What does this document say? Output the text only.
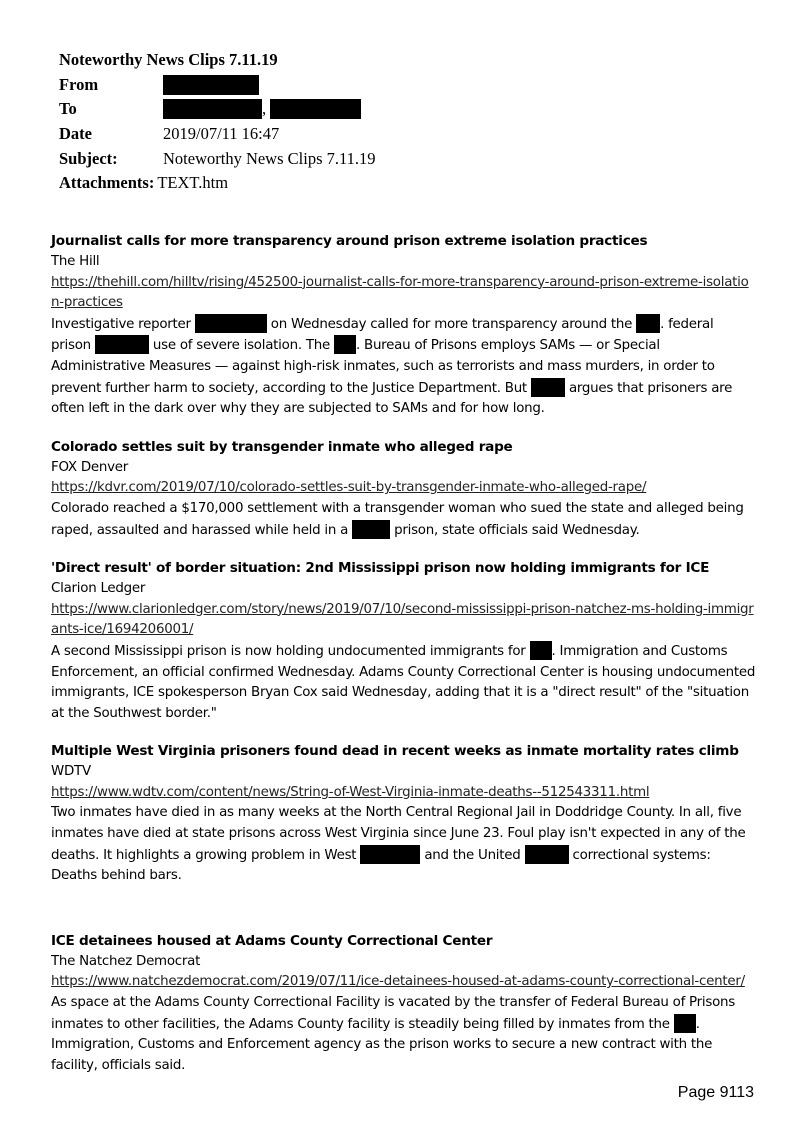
Noteworthy News Clips 7.11.19
From
To	,
Date	2019/07/11 16:47
Subject:	Noteworthy News Clips 7.11.19
Attachments: TEXT.htm
Journalist calls for more transparency around prison extreme isolation practices
The Hill
https://thehill.com/hilltv/rising/452500-journalist-calls-for-more-transparency-around-prison-extreme-isolation-practices
Investigative reporter	on Wednesday called for more transparency around the . federal prison	use of severe isolation. The . Bureau of Prisons employs SAMs — or Special Administrative Measures — against high-risk inmates, such as terrorists and mass murders, in order to prevent further harm to society, according to the Justice Department. But	argues that prisoners are often left in the dark over why they are subjected to SAMs and for how long.
Colorado settles suit by transgender inmate who alleged rape
FOX Denver
https://kdvr.com/2019/07/10/colorado-settles-suit-by-transgender-inmate-who-alleged-rape/
Colorado reached a $170,000 settlement with a transgender woman who sued the state and alleged being raped, assaulted and harassed while held in a	prison, state officials said Wednesday.
'Direct result' of border situation: 2nd Mississippi prison now holding immigrants for ICE
Clarion Ledger
https://www.clarionledger.com/story/news/2019/07/10/second-mississippi-prison-natchez-ms-holding-immigrants-ice/1694206001/
A second Mississippi prison is now holding undocumented immigrants for . Immigration and Customs Enforcement, an official confirmed Wednesday. Adams County Correctional Center is housing undocumented immigrants, ICE spokesperson Bryan Cox said Wednesday, adding that it is a "direct result" of the "situation at the Southwest border."
Multiple West Virginia prisoners found dead in recent weeks as inmate mortality rates climb
WDTV
https://www.wdtv.com/content/news/String-of-West-Virginia-inmate-deaths--512543311.html
Two inmates have died in as many weeks at the North Central Regional Jail in Doddridge County. In all, five inmates have died at state prisons across West Virginia since June 23. Foul play isn't expected in any of the deaths. It highlights a growing problem in West	and the United	correctional systems: Deaths behind bars.
ICE detainees housed at Adams County Correctional Center
The Natchez Democrat
https://www.natchezdemocrat.com/2019/07/11/ice-detainees-housed-at-adams-county-correctional-center/
As space at the Adams County Correctional Facility is vacated by the transfer of Federal Bureau of Prisons inmates to other facilities, the Adams County facility is steadily being filled by inmates from the . Immigration, Customs and Enforcement agency as the prison works to secure a new contract with the facility, officials said.
Page 9113
